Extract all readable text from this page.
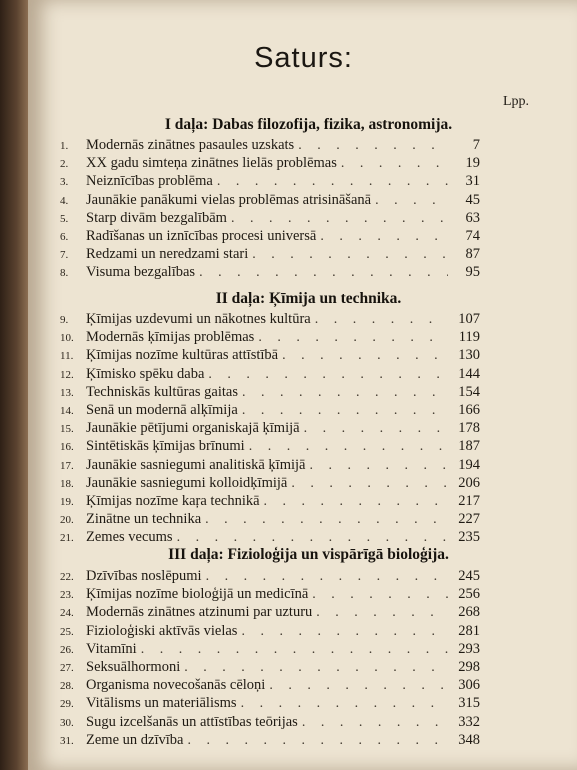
Saturs:
Lpp.
I daļa: Dabas filozofija, fizika, astronomija.
II daļa: Ķīmija un technika.
III daļa: Fizioloģija un vispārīgā bioloģija.
1.	Modernās zinātnes pasaules uzskats . . .	7
2.	XX gadu simteņa zinātnes lielās problēmas . . .	19
3.	Neiznīcības problēma . . .	31
4.	Jaunākie panākumi vielas problēmas atrisināšanā . . .	45
5.	Starp divām bezgalībām . . .	63
6.	Radīšanas un iznīcības procesi universā . . .	74
7.	Redzami un neredzami stari . . .	87
8.	Visuma bezgalības . . .	95
9.	Ķīmijas uzdevumi un nākotnes kultūra . . .	107
10. Modernās ķīmijas problēmas . . .	119
11. Ķīmijas nozīme kultūras attīstībā . . .	130
12. Ķīmisko spēku daba . . .	144
13. Techniskās kultūras gaitas . . .	154
14. Senā un modernā alķīmija . . .	166
15. Jaunākie pētījumi organiskajā ķīmijā . . .	178
16. Sintētiskās ķīmijas brīnumi . . .	187
17. Jaunākie sasniegumi analitiskā ķīmijā . . .	194
18. Jaunākie sasniegumi kolloidķīmijā . . .	206
19. Ķīmijas nozīme kaŗa technikā . . .	217
20. Zinātne un technika . . .	227
21. Zemes vecums . . .	235
22. Dzīvības noslēpumi . . .	245
23. Ķīmijas nozīme bioloģijā un medicīnā . . .	256
24. Modernās zinātnes atzinumi par uzturu . . .	268
25. Fizioloģiski aktīvās vielas . . .	281
26. Vitamīni . . .	293
27. Seksuālhormoni . . .	298
28. Organisma novecošanās cēloņi . . .	306
29. Vitālisms un materiālisms . . .	315
30. Sugu izcelšanās un attīstības teōrijas . . .	332
31. Zeme un dzīvība . . .	348
